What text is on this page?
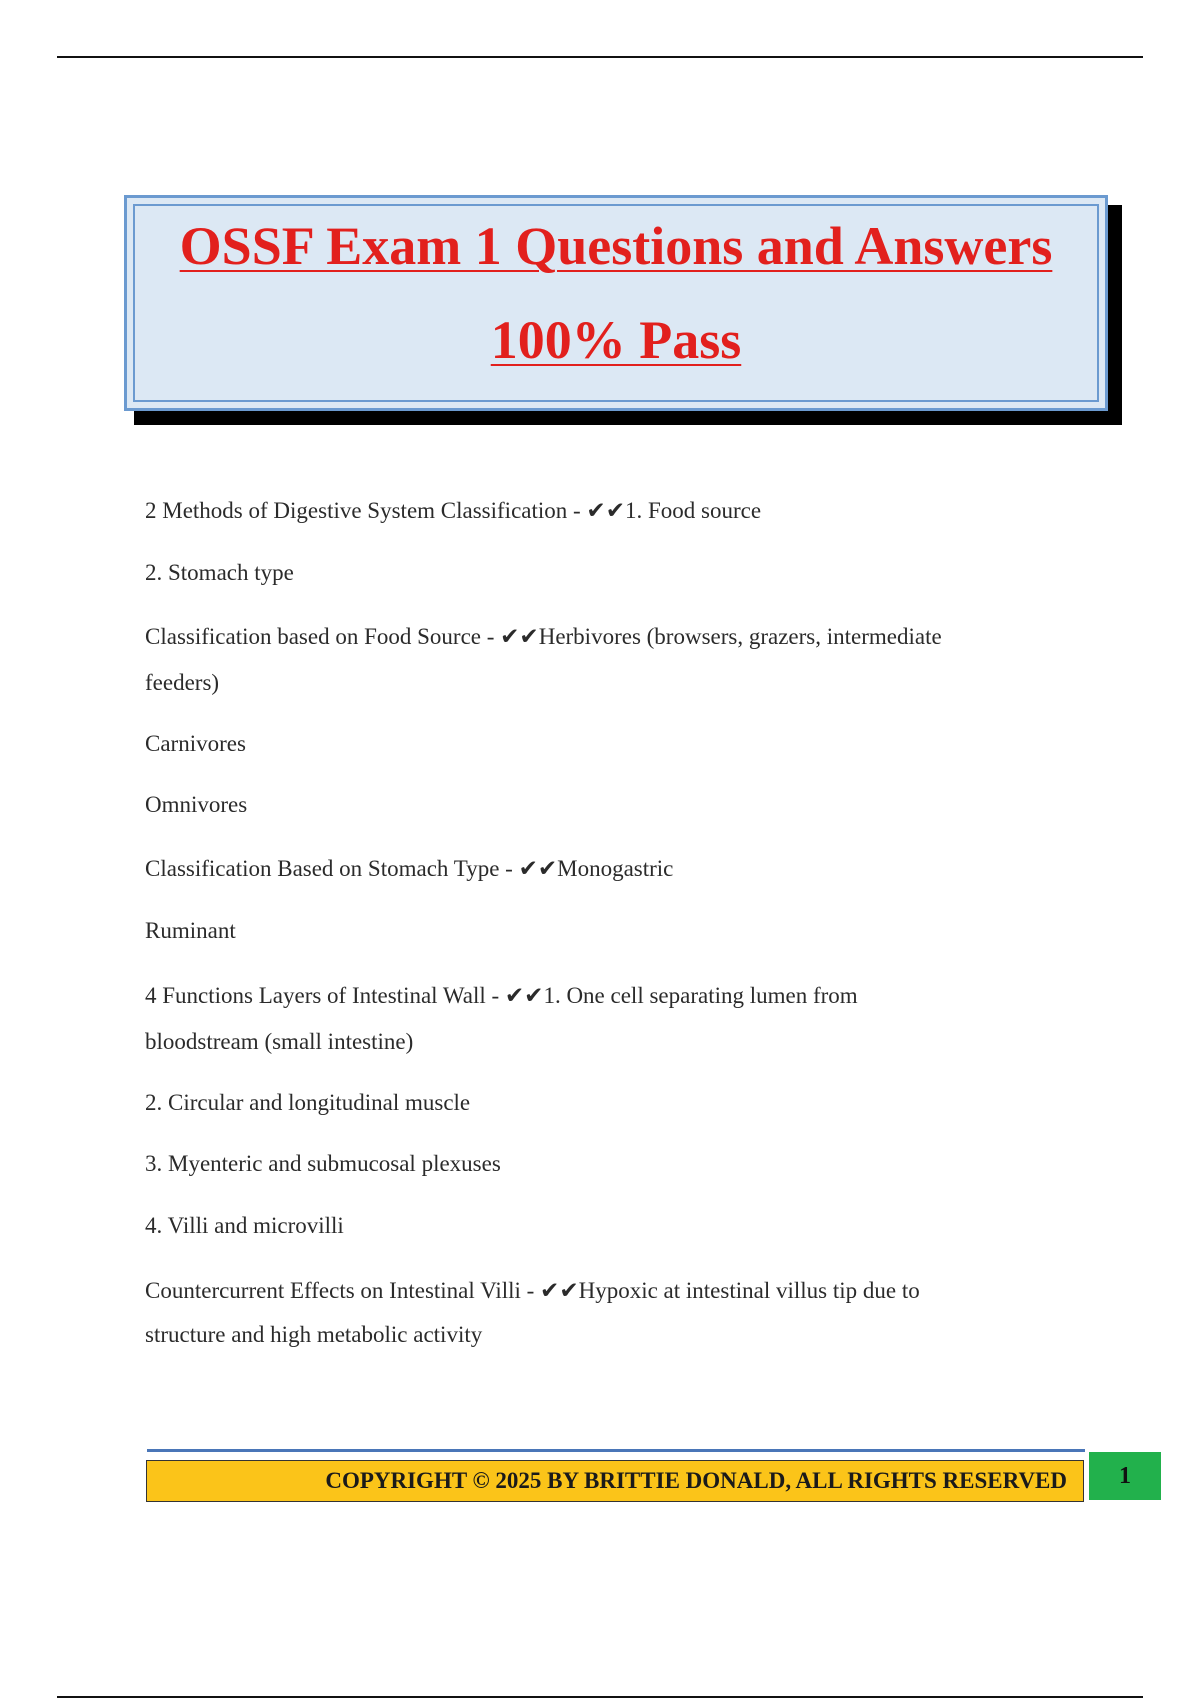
OSSF Exam 1 Questions and Answers
100% Pass
2 Methods of Digestive System Classification - ✔✔1. Food source
2. Stomach type
Classification based on Food Source - ✔✔Herbivores (browsers, grazers, intermediate
feeders)
Carnivores
Omnivores
Classification Based on Stomach Type - ✔✔Monogastric
Ruminant
4 Functions Layers of Intestinal Wall - ✔✔1. One cell separating lumen from
bloodstream (small intestine)
2. Circular and longitudinal muscle
3. Myenteric and submucosal plexuses
4. Villi and microvilli
Countercurrent Effects on Intestinal Villi - ✔✔Hypoxic at intestinal villus tip due to
structure and high metabolic activity
COPYRIGHT © 2025 BY BRITTIE DONALD, ALL RIGHTS RESERVED	1
